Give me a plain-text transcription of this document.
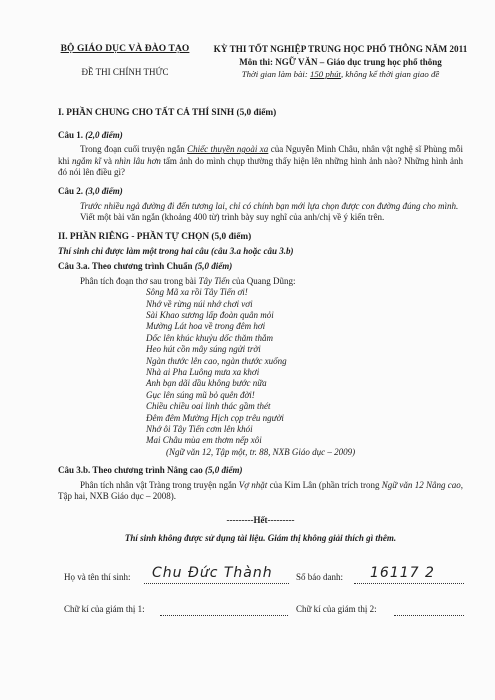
BỘ GIÁO DỤC VÀ ĐÀO TẠO
ĐỀ THI CHÍNH THỨC
KỲ THI TỐT NGHIỆP TRUNG HỌC PHỔ THÔNG NĂM 2011
Môn thi: NGỮ VĂN – Giáo dục trung học phổ thông
Thời gian làm bài: 150 phút, không kể thời gian giao đề
I. PHẦN CHUNG CHO TẤT CẢ THÍ SINH (5,0 điểm)
Câu 1. (2,0 điểm)
Trong đoạn cuối truyện ngắn Chiếc thuyền ngoài xa của Nguyễn Minh Châu, nhân vật nghệ sĩ Phùng mỗi khi ngắm kĩ và nhìn lâu hơn tấm ảnh do mình chụp thường thấy hiện lên những hình ảnh nào? Những hình ảnh đó nói lên điều gì?
Câu 2. (3,0 điểm)
Trước nhiều ngả đường đi đến tương lai, chỉ có chính bạn mới lựa chọn được con đường đúng cho mình.
Viết một bài văn ngắn (khoảng 400 từ) trình bày suy nghĩ của anh/chị về ý kiến trên.
II. PHẦN RIÊNG - PHẦN TỰ CHỌN (5,0 điểm)
Thí sinh chỉ được làm một trong hai câu (câu 3.a hoặc câu 3.b)
Câu 3.a. Theo chương trình Chuẩn (5,0 điểm)
Phân tích đoạn thơ sau trong bài Tây Tiến của Quang Dũng:
Sông Mã xa rồi Tây Tiến ơi!
Nhớ về rừng núi nhớ chơi vơi
Sài Khao sương lấp đoàn quân mỏi
Mường Lát hoa về trong đêm hơi
Dốc lên khúc khuỷu dốc thăm thẳm
Heo hút cồn mây súng ngửi trời
Ngàn thước lên cao, ngàn thước xuống
Nhà ai Pha Luông mưa xa khơi
Anh bạn dãi dầu không bước nữa
Gục lên súng mũ bỏ quên đời!
Chiều chiều oai linh thác gầm thét
Đêm đêm Mường Hịch cọp trêu người
Nhớ ôi Tây Tiến cơm lên khói
Mai Châu mùa em thơm nếp xôi
(Ngữ văn 12, Tập một, tr. 88, NXB Giáo dục – 2009)
Câu 3.b. Theo chương trình Nâng cao (5,0 điểm)
Phân tích nhân vật Tràng trong truyện ngắn Vợ nhặt của Kim Lân (phần trích trong Ngữ văn 12 Nâng cao, Tập hai, NXB Giáo dục – 2008).
---------Hết---------
Thí sinh không được sử dụng tài liệu. Giám thị không giải thích gì thêm.
Họ và tên thí sinh: Chu Đức Thành	Số báo danh: 16117 2
Chữ kí của giám thị 1:	Chữ kí của giám thị 2:
